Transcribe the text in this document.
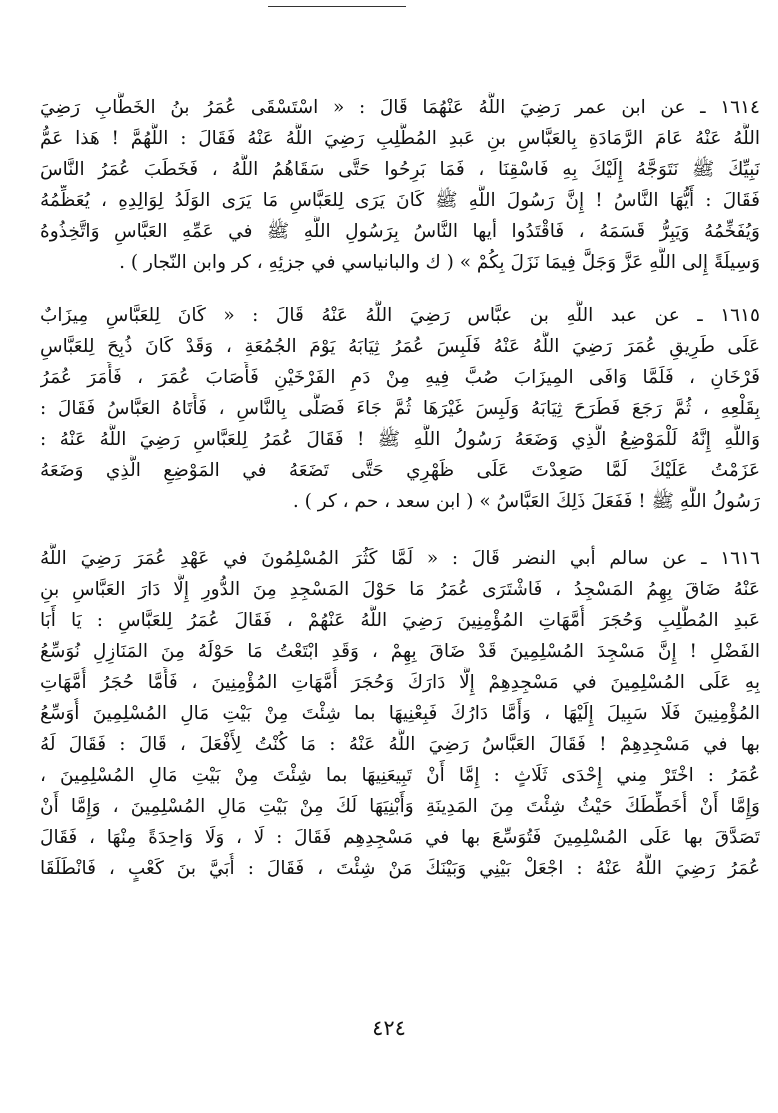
١٦١٤ ـ عن ابن عمر رَضِيَ اللَّهُ عَنْهُمَا قَالَ : « اسْتَسْقَى عُمَرُ بنُ الخَطَّابِ رَضِيَ
اللَّهُ عَنْهُ عَامَ الرَّمَادَةِ بِالعَبَّاسِ بنِ عَبدِ المُطَّلِبِ رَضِيَ اللَّهُ عَنْهُ فَقَالَ : اللَّهُمَّ ! هَذا عَمُّ
نَبِيِّكَ ﷺ نَتَوَجَّهُ إِلَيْكَ بِهِ فَاسْقِنَا ، فَمَا بَرِحُوا حَتَّى سَقَاهُمُ اللَّهُ ، فَخَطَبَ عُمَرُ النَّاسَ
فَقَالَ : أَيُّهَا النَّاسُ ! إِنَّ رَسُولَ اللَّهِ ﷺ كَانَ يَرَى لِلعَبَّاسِ مَا يَرَى الوَلَدُ لِوَالِدِهِ ، يُعَظِّمُهُ
وَيُفَخِّمُهُ وَيَبِرُّ قَسَمَهُ ، فَاقْتَدُوا أيها النَّاسُ بِرَسُولِ اللَّهِ ﷺ في عَمِّهِ العَبَّاسِ وَاتَّخِذُوهُ
وَسِيلَةً إِلى اللَّهِ عَزَّ وَجَلَّ فِيمَا نَزَلَ بِكُمْ » ( ك والبانياسي في جزئِهِ ، كر وابن النّجار ) .
١٦١٥ ـ عن عبد اللَّهِ بن عبَّاس رَضِيَ اللَّهُ عَنْهُ قَالَ : « كَانَ لِلعَبَّاسِ مِيزَابٌ
عَلَى طَرِيقِ عُمَرَ رَضِيَ اللَّهُ عَنْهُ فَلَبِسَ عُمَرُ ثِيَابَهُ يَوْمَ الجُمُعَةِ ، وَقَدْ كَانَ ذُبِحَ لِلعَبَّاسِ
فَرْخَانِ ، فَلَمَّا وَافَى المِيزَابَ صُبَّ فِيهِ مِنْ دَمِ الفَرْخَيْنِ فَأَصَابَ عُمَرَ ، فَأَمَرَ عُمَرُ
بِقَلْعِهِ ، ثُمَّ رَجَعَ فَطَرَحَ ثِيَابَهُ وَلَبِسَ غَيْرَهَا ثُمَّ جَاءَ فَصَلَّى بِالنَّاسِ ، فَأَتَاهُ العَبَّاسُ فَقَالَ :
وَاللَّهِ إِنَّهُ لَلْمَوْضِعُ الَّذِي وَضَعَهُ رَسُولُ اللَّهِ ﷺ ! فَقَالَ عُمَرُ لِلعَبَّاسِ رَضِيَ اللَّهُ عَنْهُ :
عَزَمْتُ عَلَيْكَ لَمَّا صَعِدْتَ عَلَى ظَهْرِي حَتَّى تَضَعَهُ في المَوْضِعِ الَّذِي وَضَعَهُ
رَسُولُ اللَّهِ ﷺ ! فَفَعَلَ ذَلِكَ العَبَّاسُ » ( ابن سعد ، حم ، كر ) .
١٦١٦ ـ عن سالم أبي النضر قَالَ : « لَمَّا كَثُرَ المُسْلِمُونَ في عَهْدِ عُمَرَ رَضِيَ اللَّهُ
عَنْهُ ضَاقَ بِهِمُ المَسْجِدُ ، فَاشْتَرَى عُمَرُ مَا حَوْلَ المَسْجِدِ مِنَ الدُّورِ إِلَّا دَارَ العَبَّاسِ بنِ
عَبدِ المُطَّلِبِ وَحُجَرَ أُمَّهَاتِ المُؤْمِنِينَ رَضِيَ اللَّهُ عَنْهُمْ ، فَقَالَ عُمَرُ لِلعَبَّاسِ : يَا أَبَا
الفَضْلِ ! إِنَّ مَسْجِدَ المُسْلِمِينَ قَدْ ضَاقَ بِهِمْ ، وَقَدِ ابْتَعْتُ مَا حَوْلَهُ مِنَ المَنَازِلِ نُوَسِّعُ
بِهِ عَلَى المُسْلِمِينَ في مَسْجِدِهِمْ إِلَّا دَارَكَ وَحُجَرَ أُمَّهَاتِ المُؤْمِنِينَ ، فَأَمَّا حُجَرُ أُمَّهَاتِ
المُؤْمِنِينَ فَلَا سَبِيلَ إِلَيْهَا ، وَأَمَّا دَارُكَ فَبِعْنِيهَا بما شِئْتَ مِنْ بَيْتِ مَالِ المُسْلِمِينَ أُوَسِّعُ
بها في مَسْجِدِهِمْ ! فَقَالَ العَبَّاسُ رَضِيَ اللَّهُ عَنْهُ : مَا كُنْتُ لِأَفْعَلَ ، قَالَ : فَقَالَ لَهُ
عُمَرُ : اخْتَرْ مِني إِحْدَى ثَلَاثٍ : إِمَّا أَنْ تَبِيعَنِيهَا بما شِئْتَ مِنْ بَيْتِ مَالِ المُسْلِمِينَ ،
وَإِمَّا أَنْ أُخَطِّطَكَ حَيْثُ شِئْتَ مِنَ المَدِينَةِ وَأَبْنِيَهَا لَكَ مِنْ بَيْتِ مَالِ المُسْلِمِينَ ، وَإِمَّا أَنْ
تَصَدَّقَ بها عَلَى المُسْلِمِينَ فَتُوَسِّعَ بها في مَسْجِدِهِم فَقَالَ : لَا ، وَلَا وَاحِدَةً مِنْهَا ، فَقَالَ
عُمَرُ رَضِيَ اللَّهُ عَنْهُ : اجْعَلْ بَيْنِي وَبَيْنَكَ مَنْ شِئْتَ ، فَقَالَ : أُبَيَّ بنَ كَعْبٍ ، فَانْطَلَقَا
٤٢٤
